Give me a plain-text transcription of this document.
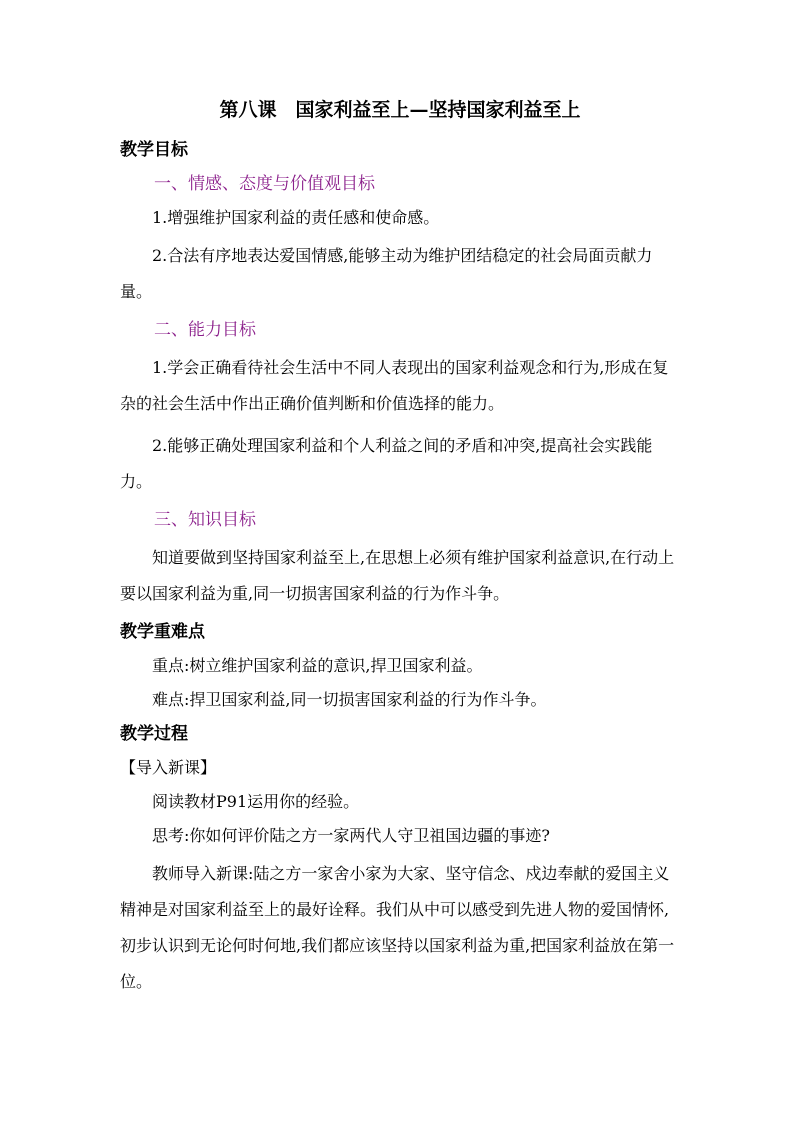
第八课　国家利益至上—坚持国家利益至上
教学目标
一、情感、态度与价值观目标
1.增强维护国家利益的责任感和使命感。
2.合法有序地表达爱国情感,能够主动为维护团结稳定的社会局面贡献力量。
二、能力目标
1.学会正确看待社会生活中不同人表现出的国家利益观念和行为,形成在复杂的社会生活中作出正确价值判断和价值选择的能力。
2.能够正确处理国家利益和个人利益之间的矛盾和冲突,提高社会实践能力。
三、知识目标
知道要做到坚持国家利益至上,在思想上必须有维护国家利益意识,在行动上要以国家利益为重,同一切损害国家利益的行为作斗争。
教学重难点
重点:树立维护国家利益的意识,捍卫国家利益。
难点:捍卫国家利益,同一切损害国家利益的行为作斗争。
教学过程
【导入新课】
阅读教材P91运用你的经验。
思考:你如何评价陆之方一家两代人守卫祖国边疆的事迹?
教师导入新课:陆之方一家舍小家为大家、坚守信念、戍边奉献的爱国主义精神是对国家利益至上的最好诠释。我们从中可以感受到先进人物的爱国情怀,初步认识到无论何时何地,我们都应该坚持以国家利益为重,把国家利益放在第一位。
